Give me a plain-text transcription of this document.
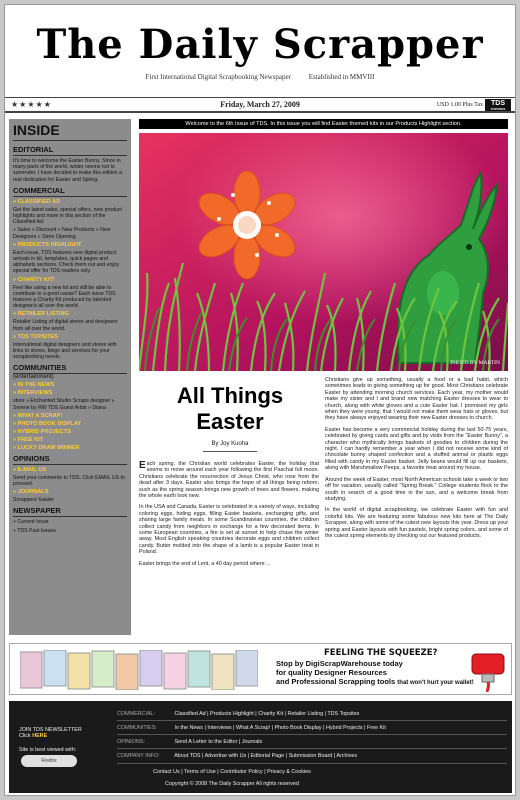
The Daily Scrapper
First International Digital Scrapbooking Newspaper	Established in MMVIII
★★★★★	Friday, March 27, 2009	USD 1.00 Plus Tax	TDS
TOPSITES
INSIDE
EDITORIAL
It's time to welcome the Easter Bunny. Since in many parts of the world, winter seems not to surrender, I have decided to make this edition a real dedication for Easter and Spring.
COMMERCIAL
» CLASSIFIED AD
Get the latest sales, special offers, new product highlights and more in this section of the Classified Ad.
» Sales » Discount » New Products » New Designers » Store Opening
» PRODUCTS HIGHLIGHT
Each issue, TDS features new digital product arrivals in kit, templates, quick pages and alphabets sections. Check them out and enjoy special offer for TDS readers only.
» CHARITY KIT!
Feel like using a new kit and still be able to contribute to a good cause? Each issue TDS features a Charity Kit produced by talented designer/s all over the world.
» RETAILER LISTING
Retailer Listing of digital stores and designers from all over the world.
» TDS TOPSITES
International digital designers and stores with links to stores, blogs and services for your scrapbooking needs.
COMMUNITIES
(entertainment)
» IN THE NEWS
» INTERVIEWS
store » Enchanted Studio Scraps designer » Serene by RW TDS Guest Artist » Diana
» WHAT A SCRAP!
» PHOTO BOOK DISPLAY
» HYBRID PROJECTS
» FREE KIT
» LUCKY DRAW WINNER
OPINIONS
» E-MAIL US
Send your comments to TDS. Click EMAIL US to proceed.
» JOURNALS
Scrappers' Easter
NEWSPAPER
» Current Issue
» TDS Past Issues
Welcome to the 6th Issue of TDS. In this issue you will find Easter themed kits in our Products Highlight section.
PHOTO BY MARTIN
All Things
Easter
By Joy Kuoha

Each spring, the Christian world celebrates Easter, the holiday that seems to move around each year following the first Paschal full moon. Christians celebrate the resurrection of Jesus Christ, who rose from the dead after 3 days. Easter also brings the hope of all things being reborn, such as the spring season brings new growth of trees and flowers, making the whole earth look new.

In the USA and Canada, Easter is celebrated in a variety of ways, including coloring eggs, hiding eggs, filling Easter baskets, exchanging gifts, and sharing large family meals. In some Scandinavian countries, the children collect candy from neighbors in exchange for a few decorated items. In some European countries, a fire is set at sunset to help chase the winter away. Most English speaking countries decorate eggs and children collect candy. Butter molded into the shape of a lamb is a popular Easter treat in Poland.

Easter brings the end of Lent, a 40 day period where ...

Christians give up something, usually a food or a bad habit, which sometimes leads to giving something up for good. Most Christians celebrate Easter by attending morning church services. Each year, my mother would make my sister and I and brand new matching Easter dresses to wear to church, along with white gloves and a cute Easter hat. I promised my girls when they were young, that I would not make them wear hats or gloves, but they have always enjoyed wearing their new Easter dresses to church.

Easter has become a very commercial holiday during the last 50-75 years, celebrated by giving cards and gifts and by visits from the "Easter Bunny", a character who mythically brings baskets of goodies to children during the night. I can hardly remember a year when I did not receive some kind of chocolate bunny shaped confection and a stuffed animal or plastic eggs filled with candy in my Easter basket. Jelly beans would fill up our baskets, along with Marshmallow Peeps, a favorite treat around my house.

Around the week of Easter, most North American schools take a week or two off for vacation, usually called "Spring Break." College students flock to the south in search of a good time in the sun, and a welcome break from studying.

In the world of digital scrapbooking, we celebrate Easter with fun and colorful kits. We are featuring some fabulous new kits here at The Daily Scrapper, along with some of the cutest new layouts this year. Dress up your spring and Easter layouts with fun pastels, bright spring colors, and some of the cutest spring elements by checking out our featured products.

FEELING THE SQUEEZE?
Stop by DigiScrapWarehouse today
for quality Designer Resources
and Professional Scrapping tools that won't hurt your wallet!
JOIN TDS NEWSLETTER
Click HERE
Site is best viewed with:
Firefox
COMMERCIAL:	Classified Ad | Products Highlight | Charity Kit | Retailer Listing | TDS Topsites
COMMUNITIES:	In the News | Interviews | What A Scrap! | Photo Book Display | Hybrid Projects | Free Kit
OPINIONS:	Send A Letter to the Editor | Journals
COMPANY INFO:	About TDS | Advertise with Us | Editorial Page | Submission Board | Archives
Contact Us | Terms of Use | Contributor Policy | Privacy & Cookies
Copyright © 2008 The Daily Scrapper All rights reserved
